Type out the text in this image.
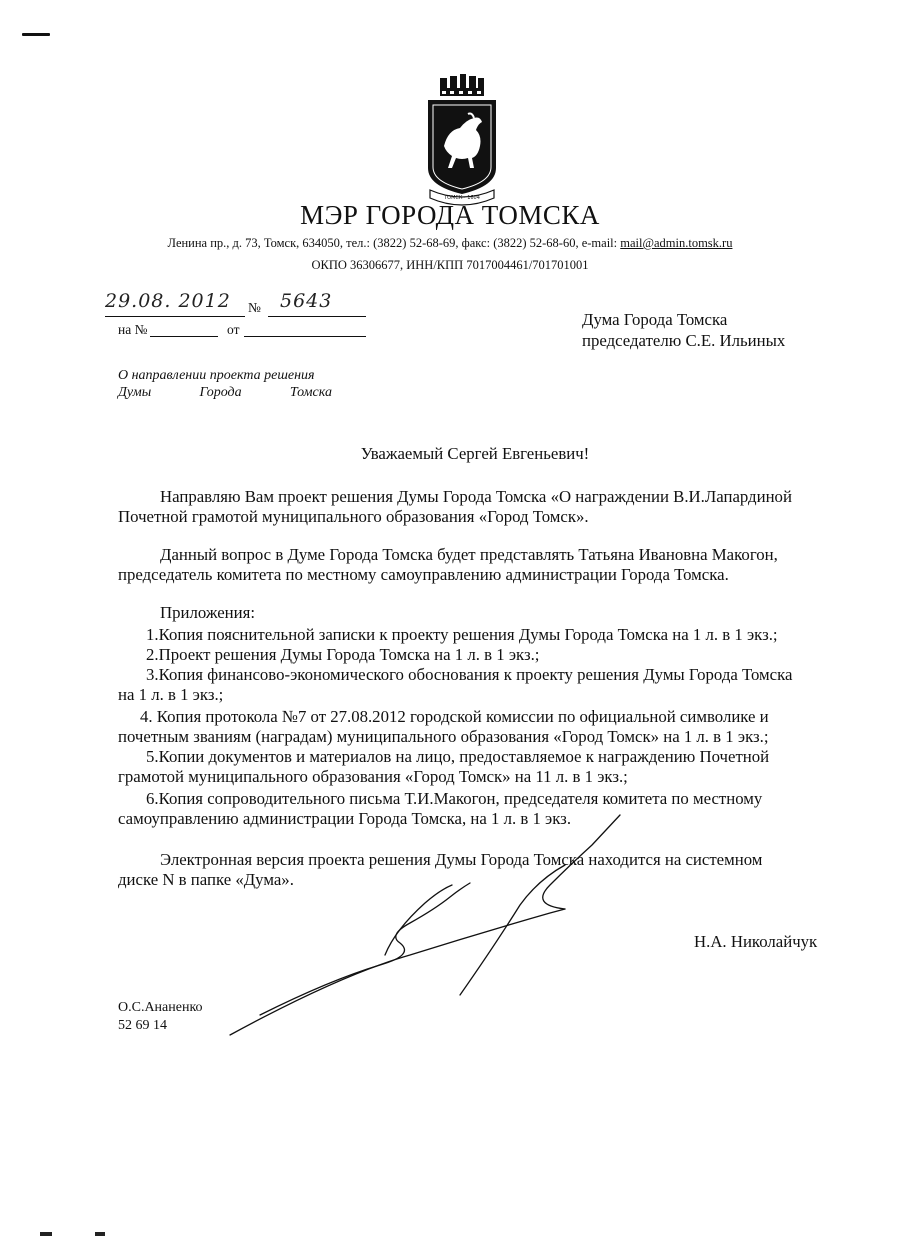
ТОМСК · 1604
МЭР ГОРОДА ТОМСКА
Ленина пр., д. 73, Томск, 634050, тел.: (3822) 52-68-69, факс: (3822) 52-68-60, e-mail: mail@admin.tomsk.ru
ОКПО 36306677, ИНН/КПП 7017004461/701701001
29.08. 2012 № 5643
на №	от
Дума Города Томска
председателю С.Е. Ильиных
О направлении проекта решения
Думы	Города	Томска
Уважаемый Сергей Евгеньевич!
Направляю Вам проект решения Думы Города Томска «О награждении В.И.Лапардиной
Почетной грамотой муниципального образования «Город Томск».
Данный вопрос в Думе Города Томска будет представлять Татьяна Ивановна Макогон,
председатель комитета по местному самоуправлению администрации Города Томска.
Приложения:
1.Копия пояснительной записки к проекту решения Думы Города Томска на 1 л. в 1 экз.;
2.Проект решения Думы Города Томска на 1 л. в 1 экз.;
3.Копия финансово-экономического обоснования к проекту решения Думы Города Томска
на 1 л. в 1 экз.;
4. Копия протокола №7 от 27.08.2012 городской комиссии по официальной символике и
почетным званиям (наградам) муниципального образования «Город Томск» на 1 л. в 1 экз.;
5.Копии документов и материалов на лицо, предоставляемое к награждению Почетной
грамотой муниципального образования «Город Томск» на 11 л. в 1 экз.;
6.Копия сопроводительного письма Т.И.Макогон, председателя комитета по местному
самоуправлению администрации Города Томска, на 1 л. в 1 экз.
Электронная версия проекта решения Думы Города Томска находится на системном
диске N в папке «Дума».
Н.А. Николайчук
О.С.Ананенко
52 69 14
